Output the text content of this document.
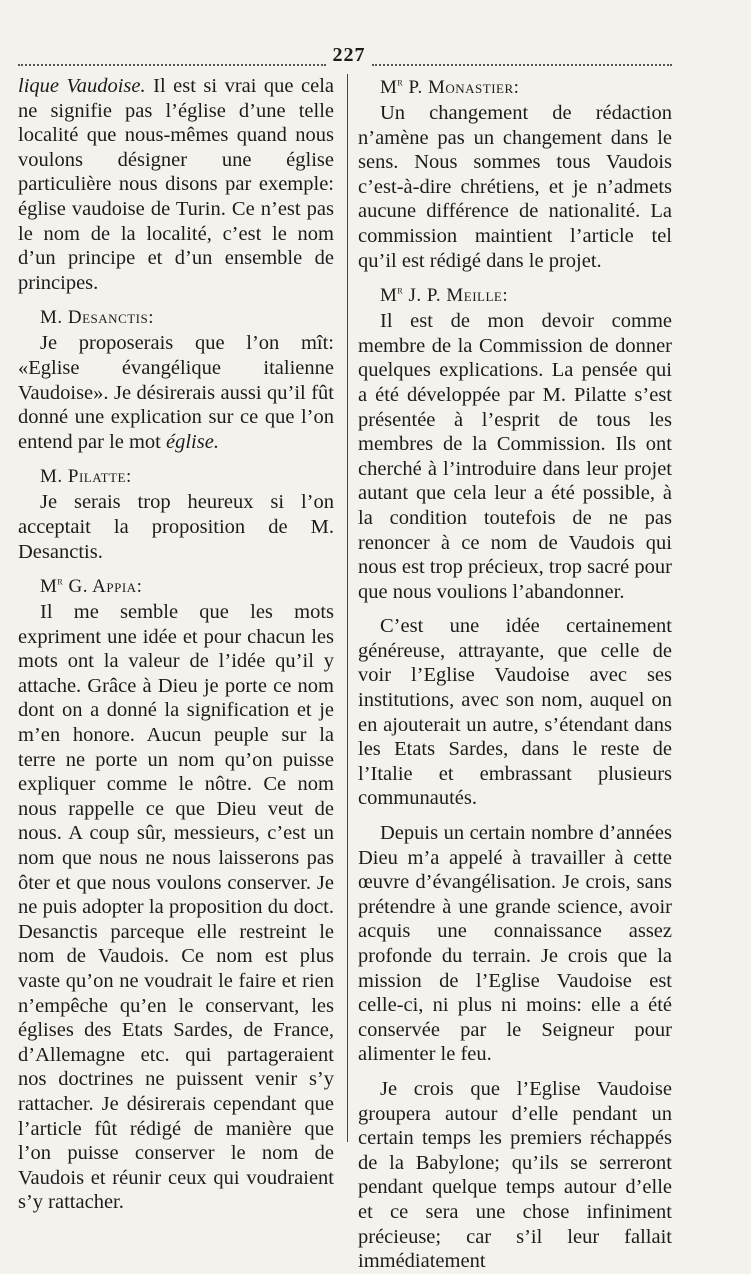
227

lique Vaudoise. Il est si vrai que cela ne signifie pas l’église d’une telle localité que nous-mêmes quand nous voulons désigner une église particulière nous disons par exemple: église vaudoise de Turin. Ce n’est pas le nom de la localité, c’est le nom d’un principe et d’un ensemble de principes.

M. Desanctis:

Je proposerais que l’on mît: «Eglise évangélique italienne Vaudoise». Je désirerais aussi qu’il fût donné une explication sur ce que l’on entend par le mot église.

M. Pilatte:

Je serais trop heureux si l’on acceptait la proposition de M. Desanctis.

$M^r$ G. Appia:

Il me semble que les mots expriment une idée et pour chacun les mots ont la valeur de l’idée qu’il y attache. Grâce à Dieu je porte ce nom dont on a donné la signification et je m’en honore. Aucun peuple sur la terre ne porte un nom qu’on puisse expliquer comme le nôtre. Ce nom nous rappelle ce que Dieu veut de nous. A coup sûr, messieurs, c’est un nom que nous ne nous laisserons pas ôter et que nous voulons conserver. Je ne puis adopter la proposition du doct. Desanctis parceque elle restreint le nom de Vaudois. Ce nom est plus vaste qu’on ne voudrait le faire et rien n’empêche qu’en le conservant, les églises des Etats Sardes, de France, d’Allemagne etc. qui partageraient nos doctrines ne puissent venir s’y rattacher. Je désirerais cependant que l’article fût rédigé de manière que l’on puisse conserver le nom de Vaudois et réunir ceux qui voudraient s’y rattacher.

$M^r$ P. Monastier:

Un changement de rédaction n’amène pas un changement dans le sens. Nous sommes tous Vaudois c’est-à-dire chrétiens, et je n’admets aucune différence de nationalité. La commission maintient l’article tel qu’il est rédigé dans le projet.

$M^r$ J. P. Meille:

Il est de mon devoir comme membre de la Commission de donner quelques explications. La pensée qui a été développée par M. Pilatte s’est présentée à l’esprit de tous les membres de la Commission. Ils ont cherché à l’introduire dans leur projet autant que cela leur a été possible, à la condition toutefois de ne pas renoncer à ce nom de Vaudois qui nous est trop précieux, trop sacré pour que nous voulions l’abandonner.

C’est une idée certainement généreuse, attrayante, que celle de voir l’Eglise Vaudoise avec ses institutions, avec son nom, auquel on en ajouterait un autre, s’étendant dans les Etats Sardes, dans le reste de l’Italie et embrassant plusieurs communautés.

Depuis un certain nombre d’années Dieu m’a appelé à travailler à cette œuvre d’évangélisation. Je crois, sans prétendre à une grande science, avoir acquis une connaissance assez profonde du terrain. Je crois que la mission de l’Eglise Vaudoise est celle-ci, ni plus ni moins: elle a été conservée par le Seigneur pour alimenter le feu.

Je crois que l’Eglise Vaudoise groupera autour d’elle pendant un certain temps les premiers réchappés de la Babylone; qu’ils se serreront pendant quelque temps autour d’elle et ce sera une chose infiniment précieuse; car s’il leur fallait immédiatement
